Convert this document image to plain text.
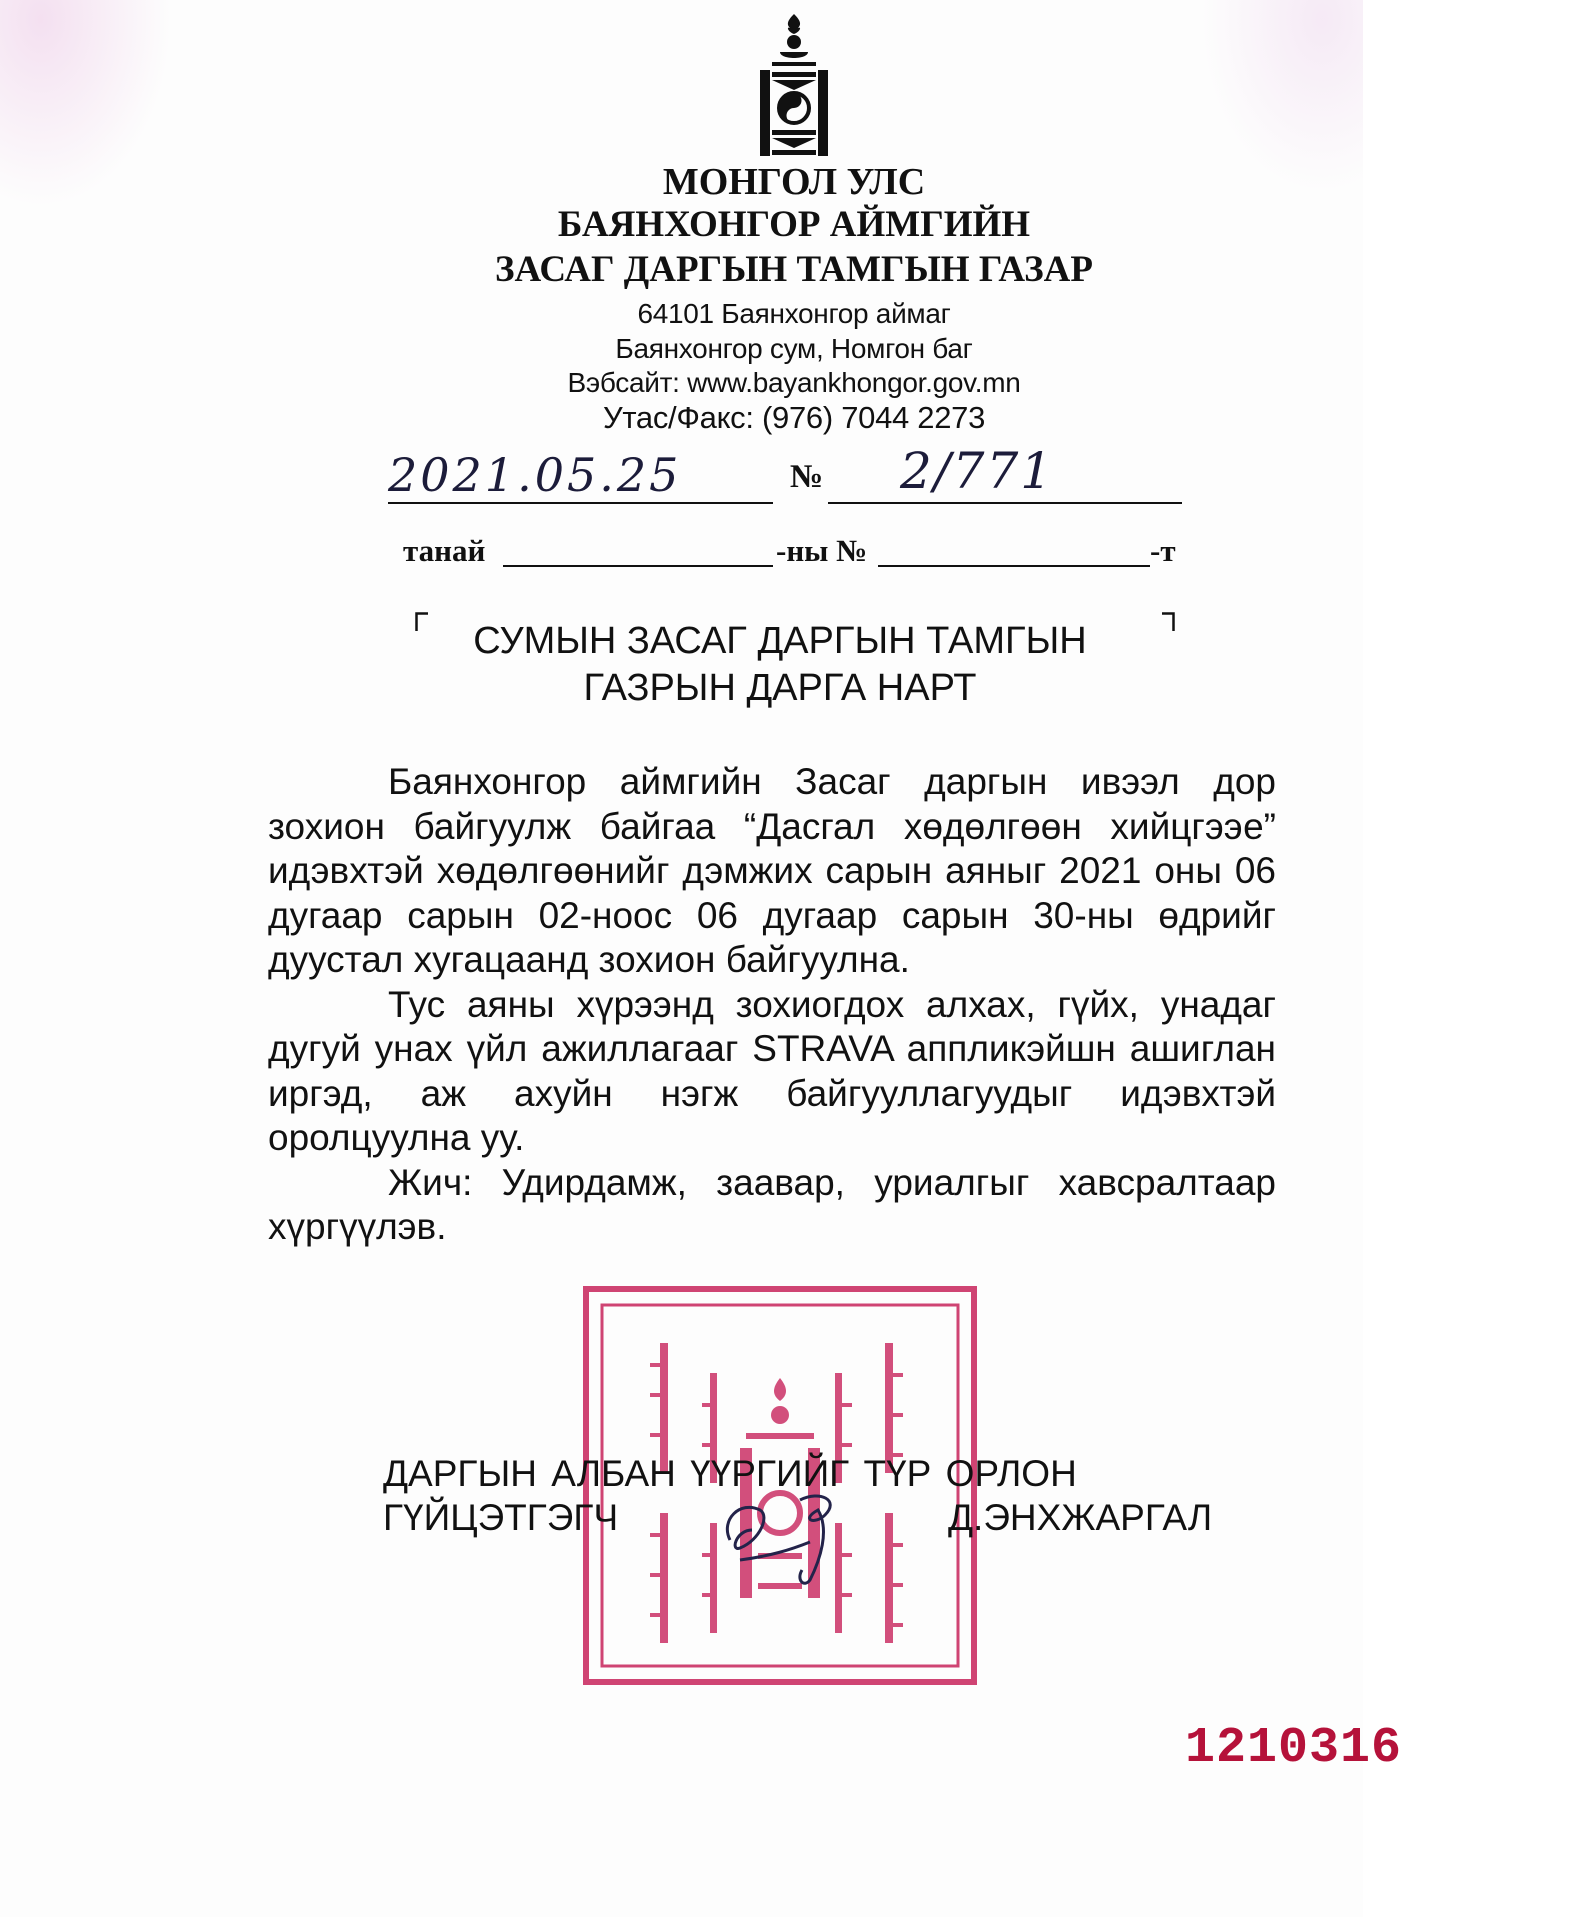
МОНГОЛ УЛС
БАЯНХОНГОР АЙМГИЙН
ЗАСАГ ДАРГЫН ТАМГЫН ГАЗАР
64101 Баянхонгор аймаг
Баянхонгор сум, Номгон баг
Вэбсайт: www.bayankhongor.gov.mn
Утас/Факс: (976) 7044 2273
2021.05.25	№ 2/771
танай	-ны №	-т
СУМЫН ЗАСАГ ДАРГЫН ТАМГЫН
ГАЗРЫН ДАРГА НАРТ

Баянхонгор аймгийн Засаг даргын ивээл дор зохион байгуулж байгаа “Дасгал хөдөлгөөн хийцгээе” идэвхтэй хөдөлгөөнийг дэмжих сарын аяныг 2021 оны 06 дугаар сарын 02-ноос 06 дугаар сарын 30-ны өдрийг дуустал хугацаанд зохион байгуулна.

Тус аяны хүрээнд зохиогдох алхах, гүйх, унадаг дугуй унах үйл ажиллагааг STRAVA аппликэйшн ашиглан иргэд, аж ахуйн нэгж байгууллагуудыг идэвхтэй оролцуулна уу.

Жич: Удирдамж, заавар, уриалгыг хавсралтаар хүргүүлэв.

ДАРГЫН АЛБАН ҮҮРГИЙГ ТҮР ОРЛОН
ГҮЙЦЭТГЭГЧ	Д.ЭНХЖАРГАЛ
1210316
